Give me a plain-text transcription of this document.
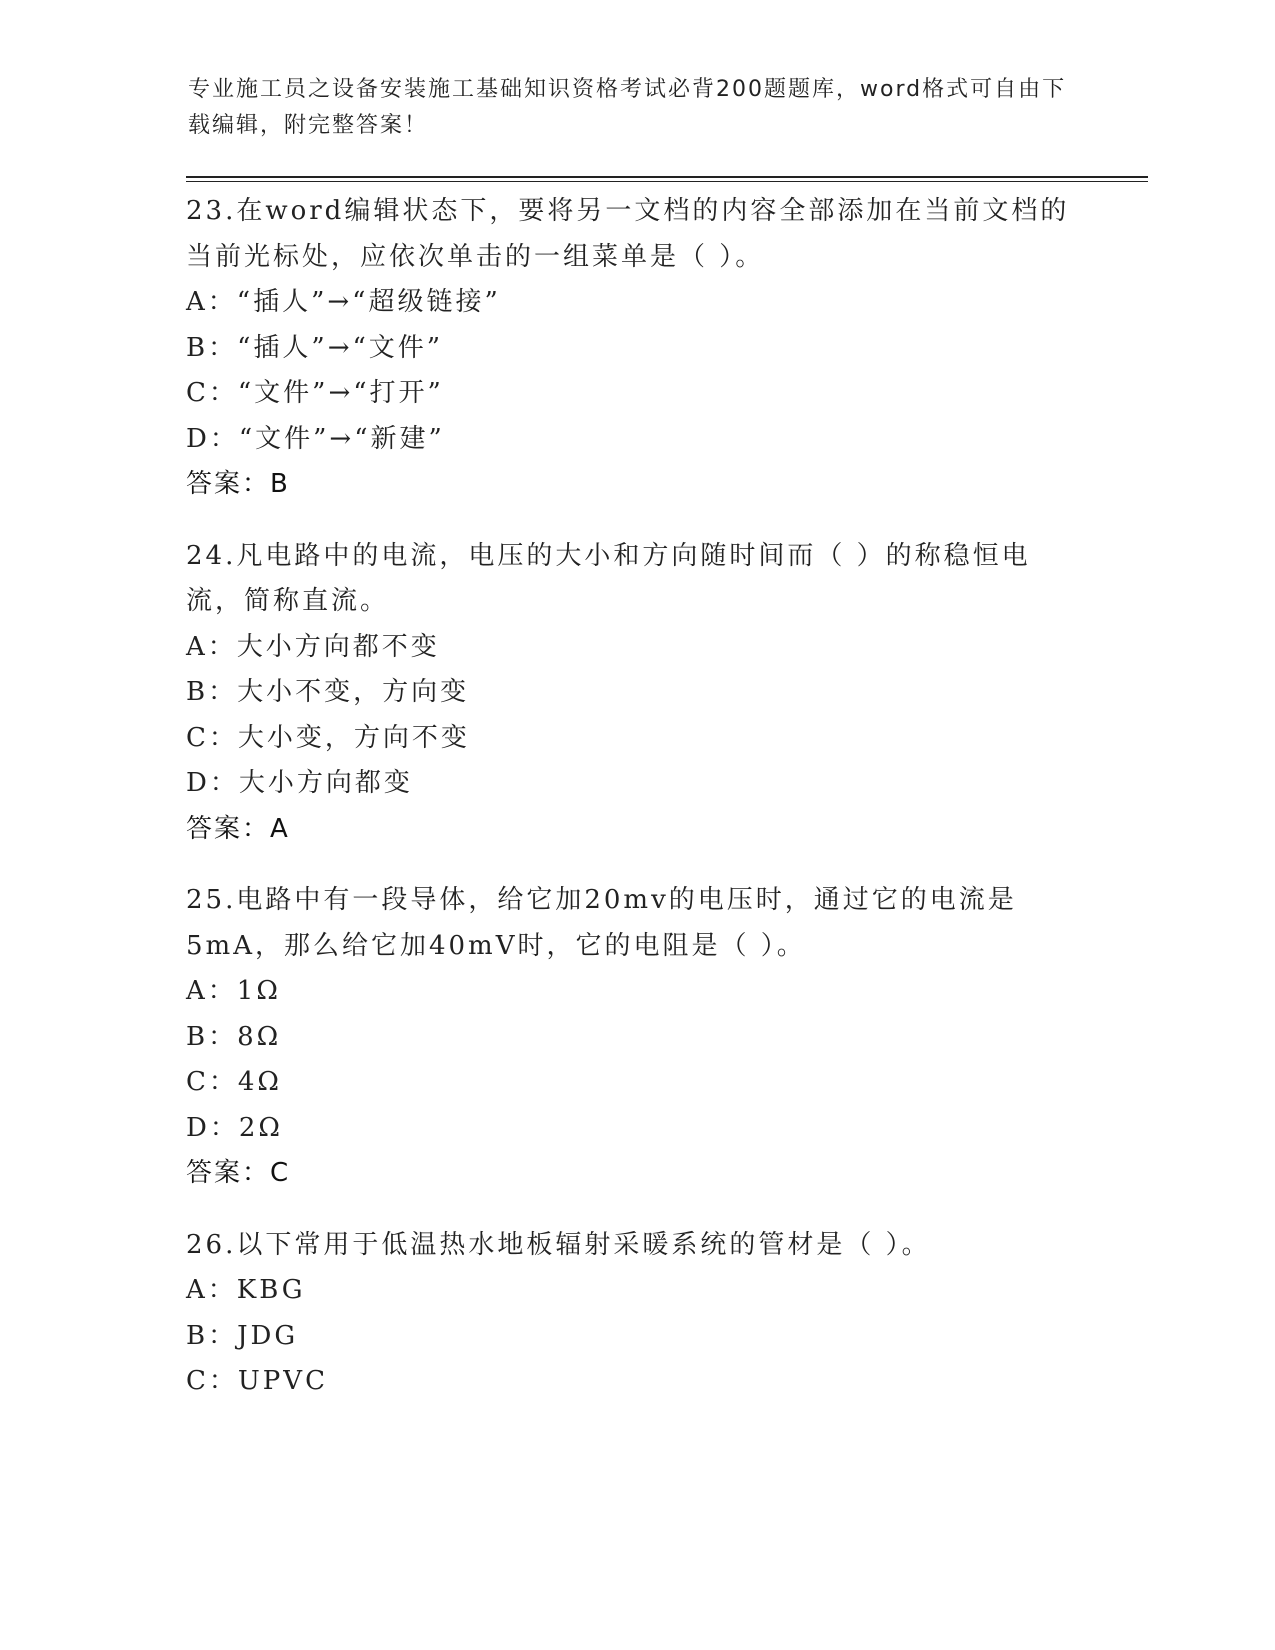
专业施工员之设备安装施工基础知识资格考试必背200题题库，word格式可自由下载编辑，附完整答案！
23.在word编辑状态下，要将另一文档的内容全部添加在当前文档的当前光标处，应依次单击的一组菜单是（ ）。
A：“插人”→“超级链接”
B：“插人”→“文件”
C：“文件”→“打开”
D：“文件”→“新建”
答案：B
24.凡电路中的电流，电压的大小和方向随时间而（ ）的称稳恒电流，简称直流。
A：大小方向都不变
B：大小不变，方向变
C：大小变，方向不变
D：大小方向都变
答案：A
25.电路中有一段导体，给它加20mv的电压时，通过它的电流是5mA，那么给它加40mV时，它的电阻是（ ）。
A：1Ω
B：8Ω
C：4Ω
D：2Ω
答案：C
26.以下常用于低温热水地板辐射采暖系统的管材是（ ）。
A：KBG
B：JDG
C：UPVC
